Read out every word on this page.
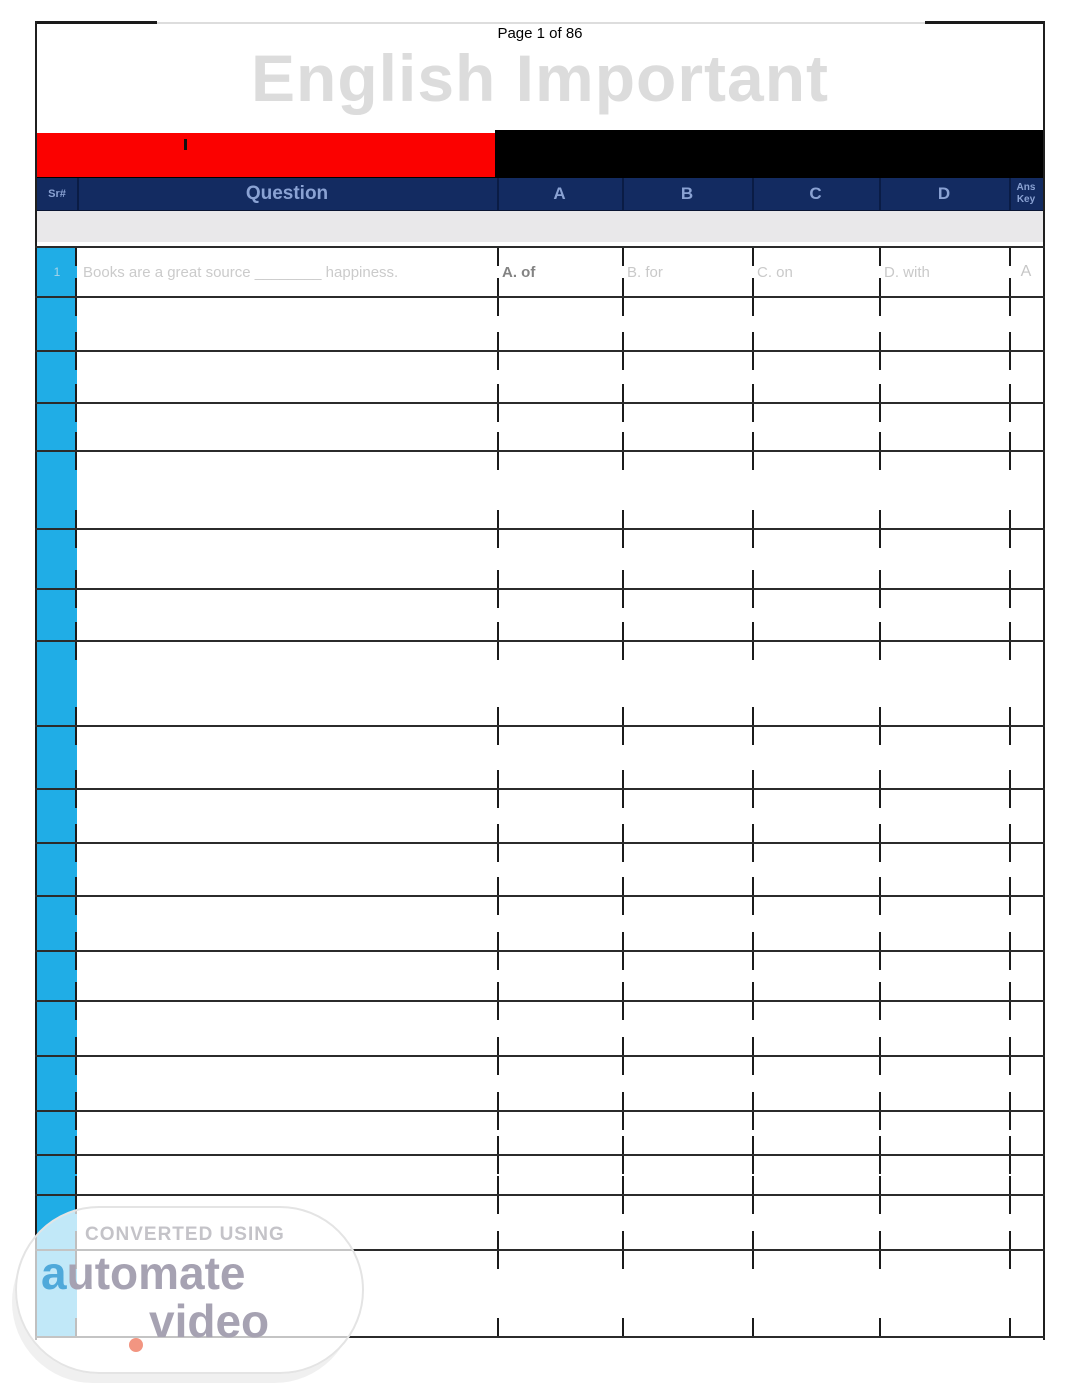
Page 1 of 86
English Important
Sr#	Question	A	B	C	D	Ans
Key
1	Books are a great source ________ happiness.	A. of	B. for	C. on	D. with	A
CONVERTED USING
automate
video
